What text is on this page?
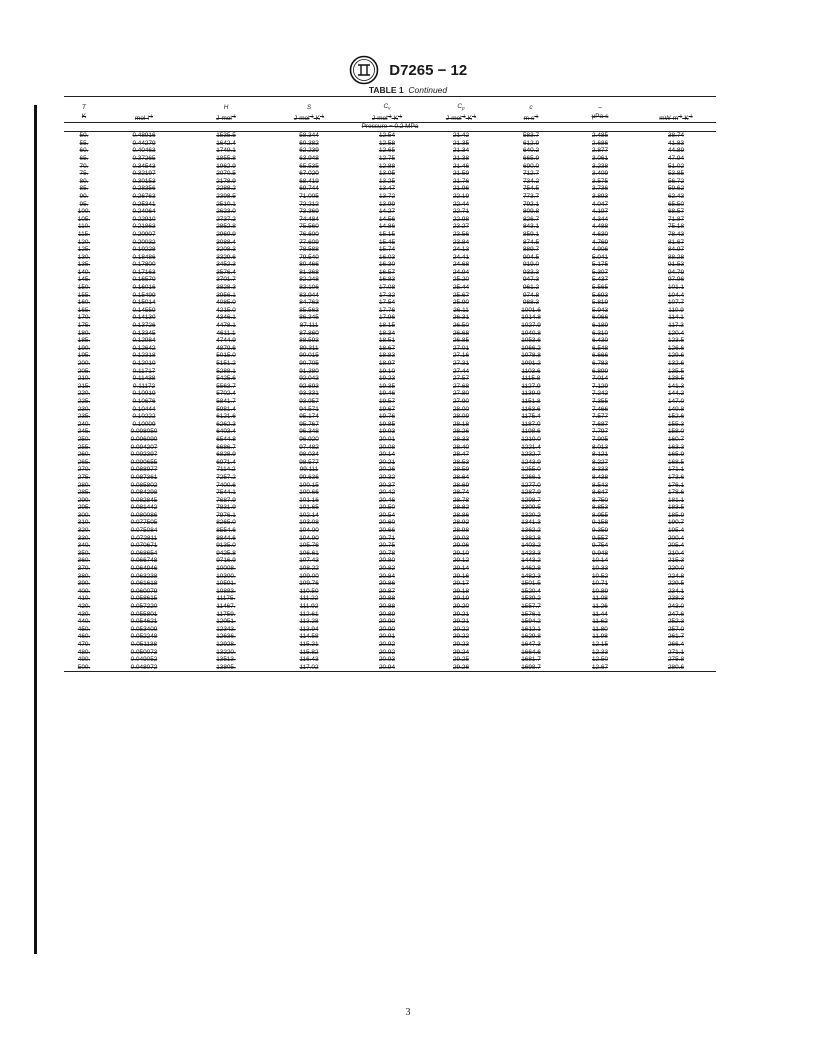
D7265 − 12
TABLE 1 Continued

T		H	S	$C_v$	$C_p$	c	–	
K	$mol\cdot l^{-1}$	J·mol$^{-1}$	$J\cdot mol^{-1}\cdot K^{-1}$	$J\cdot mol^{-1}\cdot K^{-1}$	$J\cdot mol^{-1}\cdot K^{-1}$	$m\cdot s^{-1}$	μPa·s	$mW\cdot m^{-1}\cdot K^{-1}$
Pressure = 0.2 MPa								
50.	0.48916	1535.5	58.344	12.54	21.42	583.7	2.485	38.74
55.	0.44279	1642.4	60.382	12.58	21.35	612.9	2.686	41.83
60.	0.40463	1749.1	62.239	12.65	21.34	640.2	2.877	44.89
65.	0.37265	1855.8	63.948	12.75	21.38	665.9	3.061	47.94
70.	0.34543	1962.9	65.535	12.88	21.46	690.0	3.238	51.02
75.	0.32197	2070.5	67.020	13.05	21.59	712.7	3.409	53.85
80.	0.30153	2178.9	68.419	13.25	21.76	734.2	3.575	56.72
85.	0.28356	2288.2	69.744	13.47	21.96	754.5	3.736	59.62
90.	0.26763	2398.5	71.005	13.72	22.19	773.7	3.893	62.43
95.	0.25341	2510.1	72.212	13.99	22.44	792.1	4.047	65.50
100.	0.24064	2623.0	73.369	14.27	22.71	809.8	4.197	68.57
105.	0.22910	2737.2	74.484	14.56	22.98	826.7	4.344	71.87
110.	0.21863	2852.8	75.560	14.86	23.27	843.1	4.488	75.18
115.	0.20907	2969.9	76.600	15.15	23.56	859.1	4.630	78.43
120.	0.20032	3088.4	77.609	15.45	23.84	874.5	4.769	81.67
125.	0.19228	3208.3	78.588	15.74	24.13	889.7	4.906	84.97
130.	0.18486	3329.6	79.540	16.03	24.41	904.5	5.041	88.28
135.	0.17800	3452.3	80.466	16.30	24.68	919.0	5.175	91.53
140.	0.17163	3576.4	81.368	16.57	24.94	933.3	5.307	94.79
145.	0.16570	3701.7	82.248	16.83	25.20	947.3	5.437	97.96
150.	0.16016	3828.3	83.106	17.08	25.44	961.2	5.565	101.1
155.	0.15499	3956.1	83.944	17.32	25.67	974.8	5.693	104.4
160.	0.15014	4085.0	84.763	17.54	25.90	988.3	5.819	107.7
165.	0.14559	4215.0	85.563	17.76	26.11	1001.6	5.943	110.9
170.	0.14130	4346.1	86.345	17.96	26.31	1014.8	6.066	114.1
175.	0.13726	4478.1	87.111	18.15	26.50	1027.9	6.189	117.3
180.	0.13345	4611.1	87.860	18.34	26.68	1040.8	6.310	120.4
185.	0.12984	4744.9	88.593	18.51	26.85	1053.6	6.430	123.5
190.	0.12642	4879.6	89.311	18.67	27.01	1066.2	6.548	126.6
195.	0.12318	5015.0	90.015	18.83	27.16	1078.8	6.666	129.6
200.	0.12010	5151.2	90.705	18.97	27.31	1091.2	6.783	132.6
205.	0.11717	5288.1	91.380	19.10	27.44	1103.6	6.899	135.5
210.	0.11438	5425.6	92.043	19.23	27.57	1115.8	7.014	138.5
215.	0.11172	5563.7	92.693	19.35	27.68	1127.9	7.129	141.3
220.	0.10919	5702.4	93.331	19.46	27.80	1139.9	7.242	144.2
225.	0.10676	5841.7	93.957	19.57	27.90	1151.8	7.355	147.0
230.	0.10444	5981.4	94.571	19.67	28.00	1163.6	7.466	149.8
235.	0.10222	6121.6	95.174	19.76	28.09	1175.4	7.577	152.6
240.	0.10009	6262.3	95.767	19.85	28.18	1187.0	7.687	155.3
245.	0.098050	6403.4	96.348	19.93	28.26	1198.6	7.797	158.0
250.	0.096090	6544.8	96.920	20.01	28.33	1210.0	7.905	160.7
255.	0.094207	6686.7	97.482	20.08	28.40	1221.4	8.013	163.3
260.	0.092397	6828.9	98.034	20.14	28.47	1232.7	8.121	165.9
265.	0.090655	6971.4	98.577	20.21	28.53	1243.9	8.227	168.5
270.	0.088977	7114.2	99.111	20.26	28.59	1255.0	8.333	171.1
275.	0.087361	7257.2	99.636	20.32	28.64	1266.1	8.438	173.6
280.	0.085802	7400.6	100.15	20.37	28.69	1277.0	8.543	176.1
285.	0.084298	7544.1	100.66	20.42	28.74	1287.9	8.647	178.6
290.	0.082845	7687.9	101.16	20.46	28.78	1298.7	8.750	181.1
295.	0.081442	7831.9	101.65	20.50	28.82	1309.5	8.853	183.5
300.	0.080086	7976.1	102.14	20.54	28.86	1320.2	8.955	185.9
310.	0.077505	8265.0	103.08	20.60	28.92	1341.3	9.158	190.7
320.	0.075084	8554.6	104.00	20.66	28.98	1362.2	9.359	195.4
330.	0.072811	8844.6	104.90	20.71	29.03	1382.8	9.557	200.4
340.	0.070671	9135.0	105.76	20.75	29.06	1403.2	9.754	205.4
350.	0.068654	9425.8	106.61	20.78	29.10	1423.3	9.948	210.4
360.	0.066748	9716.9	107.43	20.80	29.12	1443.2	10.14	215.3
370.	0.064946	10008.	108.22	20.82	29.14	1462.8	10.33	220.0
380.	0.063238	10300.	109.00	20.84	29.16	1482.3	10.52	224.8
390.	0.061618	10591.	109.76	20.86	29.17	1501.5	10.71	229.5
400.	0.060079	10883.	110.50	20.87	29.18	1520.4	10.89	234.1
410.	0.058615	11175.	111.22	20.88	29.19	1539.2	11.08	238.3
420.	0.057220	11467.	111.92	20.88	29.20	1557.7	11.26	243.0
430.	0.055801	11759.	112.61	20.89	29.21	1576.1	11.44	247.6
440.	0.054621	12051.	113.28	20.90	29.21	1594.2	11.62	252.3
450.	0.053409	12343.	113.94	20.90	29.22	1612.1	11.80	257.0
460.	0.052248	12636.	114.58	20.91	29.22	1629.8	11.98	261.7
470.	0.051138	12928.	115.21	20.92	29.23	1647.3	12.15	266.4
480.	0.050073	13220.	115.82	20.92	29.24	1664.6	12.33	271.1
490.	0.049052	13513.	116.43	20.93	29.25	1681.7	12.50	275.8
500.	0.048072	13805.	117.02	20.94	29.26	1698.7	12.67	280.6
3
